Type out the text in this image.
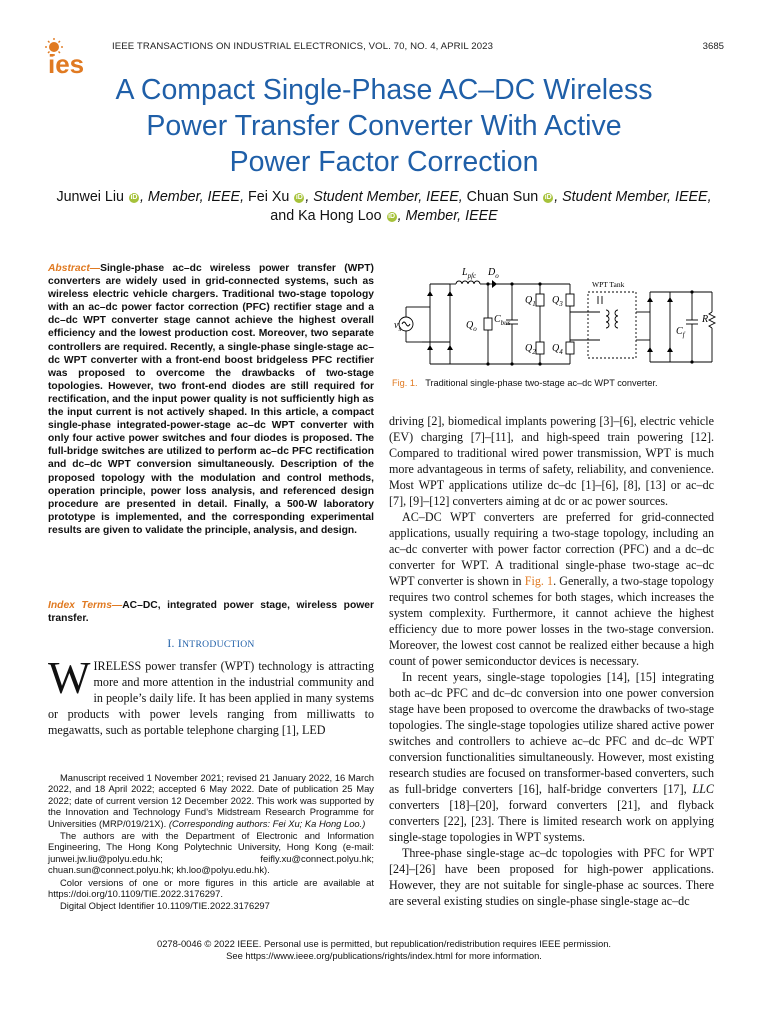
ies
IEEE TRANSACTIONS ON INDUSTRIAL ELECTRONICS, VOL. 70, NO. 4, APRIL 2023	3685
A Compact Single-Phase AC–DC Wireless
Power Transfer Converter With Active
Power Factor Correction
Junwei Liu iD , Member, IEEE, Fei Xu iD , Student Member, IEEE, Chuan Sun iD , Student Member, IEEE,
and Ka Hong Loo iD , Member, IEEE
Abstract—Single-phase ac–dc wireless power transfer (WPT) converters are widely used in grid-connected systems, such as wireless electric vehicle chargers. Traditional two-stage topology with an ac–dc power factor correction (PFC) rectifier stage and a dc–dc WPT converter stage cannot achieve the highest overall efficiency and the lowest production cost. Moreover, two separate controllers are required. Recently, a single-phase single-stage ac–dc WPT converter with a front-end boost bridgeless PFC rectifier was proposed to overcome the drawbacks of two-stage topologies. However, two front-end diodes are still required for rectification, and the input power quality is not sufficiently high as the input current is not actively shaped. In this article, a compact single-phase integrated-power-stage ac–dc WPT converter with only four active power switches and four diodes is proposed. The full-bridge switches are utilized to perform ac–dc PFC rectification and dc–dc WPT conversion simultaneously. Description of the proposed topology with the modulation and control methods, operation principle, power loss analysis, and referenced design procedure are presented in detail. Finally, a 500-W laboratory prototype is implemented, and the corresponding experimental results are given to validate the principle, analysis, and design.
Index Terms—AC–DC, integrated power stage, wireless power transfer.
I. INTRODUCTION
WIRELESS power transfer (WPT) technology is attracting more and more attention in the industrial community and in people’s daily life. It has been applied in many systems or products with power levels ranging from milliwatts to megawatts, such as portable telephone charging [1], LED

Manuscript received 1 November 2021; revised 21 January 2022, 16 March 2022, and 18 April 2022; accepted 6 May 2022. Date of publication 25 May 2022; date of current version 12 December 2022. This work was supported by the Innovation and Technology Fund’s Midstream Research Programme for Universities (MRP/019/21X). (Corresponding authors: Fei Xu; Ka Hong Loo.)

The authors are with the Department of Electronic and Information Engineering, The Hong Kong Polytechnic University, Hong Kong (e-mail: junwei.jw.liu@polyu.edu.hk; feifly.xu@connect.polyu.hk; chuan.sun@connect.polyu.hk; kh.loo@polyu.edu.hk).

Color versions of one or more figures in this article are available at https://doi.org/10.1109/TIE.2022.3176297.

Digital Object Identifier 10.1109/TIE.2022.3176297

$v_s$
$L_{pfc}$ $D_o$
$Q_o$
$C_{bus}$
$Q_1$
$Q_2$
$Q_3$
$Q_4$
$C_f$
R
WPT Tank
Fig. 1. Traditional single-phase two-stage ac–dc WPT converter.

driving [2], biomedical implants powering [3]–[6], electric vehicle (EV) charging [7]–[11], and high-speed train powering [12]. Compared to traditional wired power transmission, WPT is much more advantageous in terms of safety, reliability, and convenience. Most WPT applications utilize dc–dc [1]–[6], [8], [13] or ac–dc [7], [9]–[12] converters aiming at dc or ac power sources.

AC–DC WPT converters are preferred for grid-connected applications, usually requiring a two-stage topology, including an ac–dc converter with power factor correction (PFC) and a dc–dc converter for WPT. A traditional single-phase two-stage ac–dc WPT converter is shown in Fig. 1. Generally, a two-stage topology requires two control schemes for both stages, which increases the system complexity. Furthermore, it cannot achieve the highest efficiency due to more power losses in the two-stage conversion. Moreover, the lowest cost cannot be realized either because a high count of power semiconductor devices is necessary.

In recent years, single-stage topologies [14], [15] integrating both ac–dc PFC and dc–dc conversion into one power conversion stage have been proposed to overcome the drawbacks of two-stage topologies. The single-stage topologies utilize shared active power switches and controllers to achieve ac–dc PFC and dc–dc WPT conversion functionalities simultaneously. However, most existing research studies are focused on transformer-based converters, such as full-bridge converters [16], half-bridge converters [17], LLC converters [18]–[20], forward converters [21], and flyback converters [22], [23]. There is limited research work on applying single-stage topologies in WPT systems.

Three-phase single-stage ac–dc topologies with PFC for WPT [24]–[26] have been proposed for high-power applications. However, they are not suitable for single-phase ac sources. There are several existing studies on single-phase single-stage ac–dc

0278-0046 © 2022 IEEE. Personal use is permitted, but republication/redistribution requires IEEE permission.
See https://www.ieee.org/publications/rights/index.html for more information.
